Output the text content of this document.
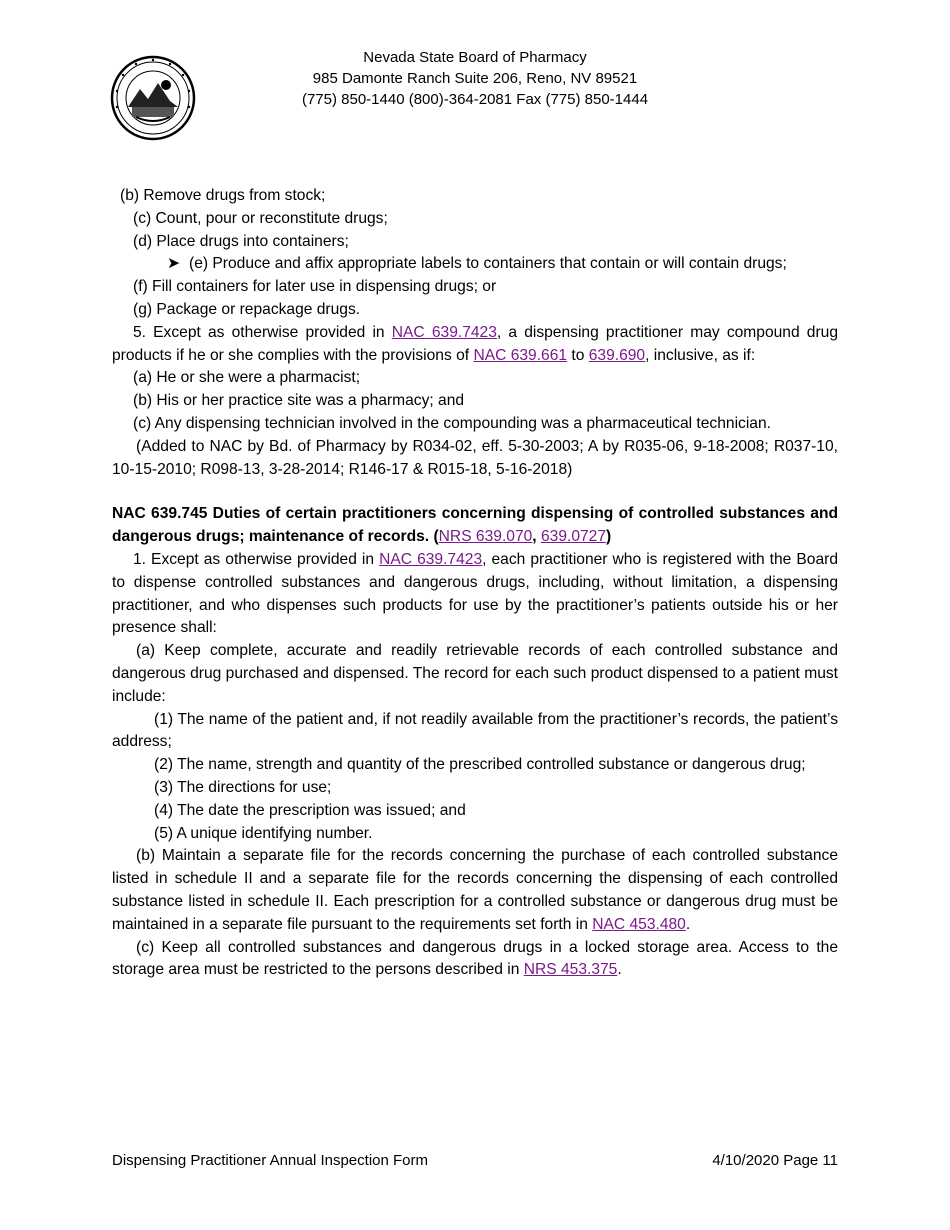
Nevada State Board of Pharmacy
985 Damonte Ranch Suite 206, Reno, NV 89521
(775) 850-1440 (800)-364-2081 Fax (775) 850-1444
(b) Remove drugs from stock;
(c) Count, pour or reconstitute drugs;
(d) Place drugs into containers;
➤ (e) Produce and affix appropriate labels to containers that contain or will contain drugs;
(f) Fill containers for later use in dispensing drugs; or
(g) Package or repackage drugs.
5. Except as otherwise provided in NAC 639.7423, a dispensing practitioner may compound drug products if he or she complies with the provisions of NAC 639.661 to 639.690, inclusive, as if:
(a) He or she were a pharmacist;
(b) His or her practice site was a pharmacy; and
(c) Any dispensing technician involved in the compounding was a pharmaceutical technician.
(Added to NAC by Bd. of Pharmacy by R034-02, eff. 5-30-2003; A by R035-06, 9-18-2008; R037-10, 10-15-2010; R098-13, 3-28-2014; R146-17 & R015-18, 5-16-2018)
NAC 639.745 Duties of certain practitioners concerning dispensing of controlled substances and dangerous drugs; maintenance of records. (NRS 639.070, 639.0727)
1. Except as otherwise provided in NAC 639.7423, each practitioner who is registered with the Board to dispense controlled substances and dangerous drugs, including, without limitation, a dispensing practitioner, and who dispenses such products for use by the practitioner’s patients outside his or her presence shall:
(a) Keep complete, accurate and readily retrievable records of each controlled substance and dangerous drug purchased and dispensed. The record for each such product dispensed to a patient must include:
(1) The name of the patient and, if not readily available from the practitioner’s records, the patient’s address;
(2) The name, strength and quantity of the prescribed controlled substance or dangerous drug;
(3) The directions for use;
(4) The date the prescription was issued; and
(5) A unique identifying number.
(b) Maintain a separate file for the records concerning the purchase of each controlled substance listed in schedule II and a separate file for the records concerning the dispensing of each controlled substance listed in schedule II. Each prescription for a controlled substance or dangerous drug must be maintained in a separate file pursuant to the requirements set forth in NAC 453.480.
(c) Keep all controlled substances and dangerous drugs in a locked storage area. Access to the storage area must be restricted to the persons described in NRS 453.375.
Dispensing Practitioner Annual Inspection Form	4/10/2020 Page 11
